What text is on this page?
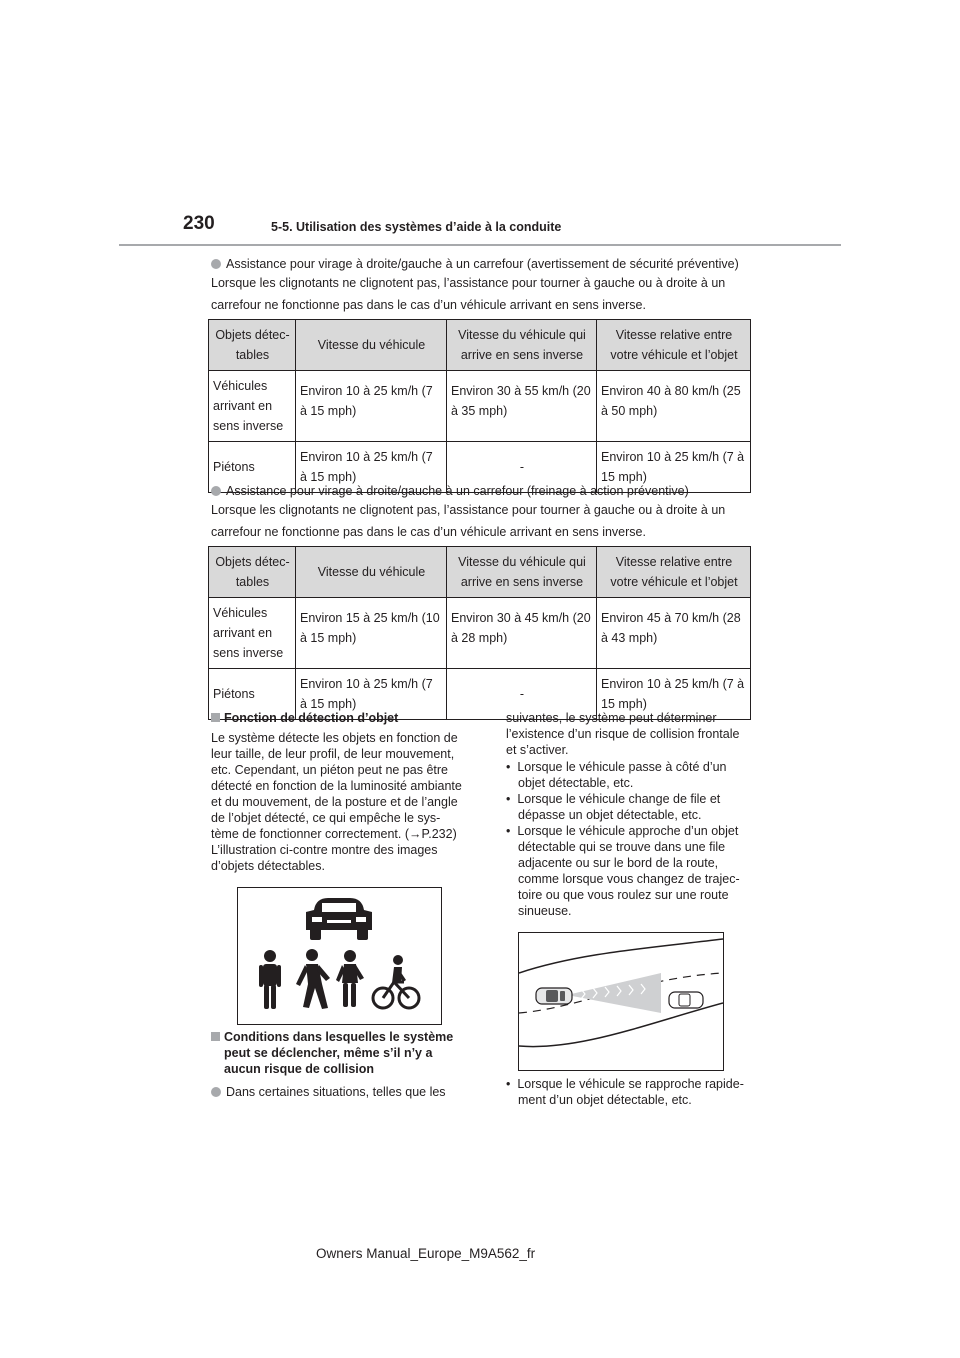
230	5-5. Utilisation des systèmes d’aide à la conduite
Assistance pour virage à droite/gauche à un carrefour (avertissement de sécurité préventive)
Lorsque les clignotants ne clignotent pas, l’assistance pour tourner à gauche ou à droite à un
carrefour ne fonctionne pas dans le cas d’un véhicule arrivant en sens inverse.
Objets détec-tables	Vitesse du véhicule	Vitesse du véhicule qui arrive en sens inverse	Vitesse relative entre votre véhicule et l’objet
Véhicules arrivant en sens inverse	Environ 10 à 25 km/h (7 à 15 mph)	Environ 30 à 55 km/h (20 à 35 mph)	Environ 40 à 80 km/h (25 à 50 mph)
Piétons	Environ 10 à 25 km/h (7 à 15 mph)	-	Environ 10 à 25 km/h (7 à 15 mph)
Assistance pour virage à droite/gauche à un carrefour (freinage à action préventive)
Lorsque les clignotants ne clignotent pas, l’assistance pour tourner à gauche ou à droite à un
carrefour ne fonctionne pas dans le cas d’un véhicule arrivant en sens inverse.
Objets détec-tables	Vitesse du véhicule	Vitesse du véhicule qui arrive en sens inverse	Vitesse relative entre votre véhicule et l’objet
Véhicules arrivant en sens inverse	Environ 15 à 25 km/h (10 à 15 mph)	Environ 30 à 45 km/h (20 à 28 mph)	Environ 45 à 70 km/h (28 à 43 mph)
Piétons	Environ 10 à 25 km/h (7 à 15 mph)	-	Environ 10 à 25 km/h (7 à 15 mph)

Fonction de détection d’objet

Le système détecte les objets en fonction de

leur taille, de leur profil, de leur mouvement,

etc. Cependant, un piéton peut ne pas être

détecté en fonction de la luminosité ambiante

et du mouvement, de la posture et de l’angle

de l’objet détecté, ce qui empêche le sys-

tème de fonctionner correctement. (→P.232)

L’illustration ci-contre montre des images

d’objets détectables.

Conditions dans lesquelles le système

peut se déclencher, même s’il n’y a

aucun risque de collision

Dans certaines situations, telles que les

suivantes, le système peut déterminer

l’existence d’un risque de collision frontale

et s’activer.

•  Lorsque le véhicule passe à côté d’un

objet détectable, etc.

•  Lorsque le véhicule change de file et

dépasse un objet détectable, etc.

•  Lorsque le véhicule approche d’un objet

détectable qui se trouve dans une file

adjacente ou sur le bord de la route,

comme lorsque vous changez de trajec-

toire ou que vous roulez sur une route

sinueuse.

•  Lorsque le véhicule se rapproche rapide-

ment d’un objet détectable, etc.

Owners Manual_Europe_M9A562_fr
